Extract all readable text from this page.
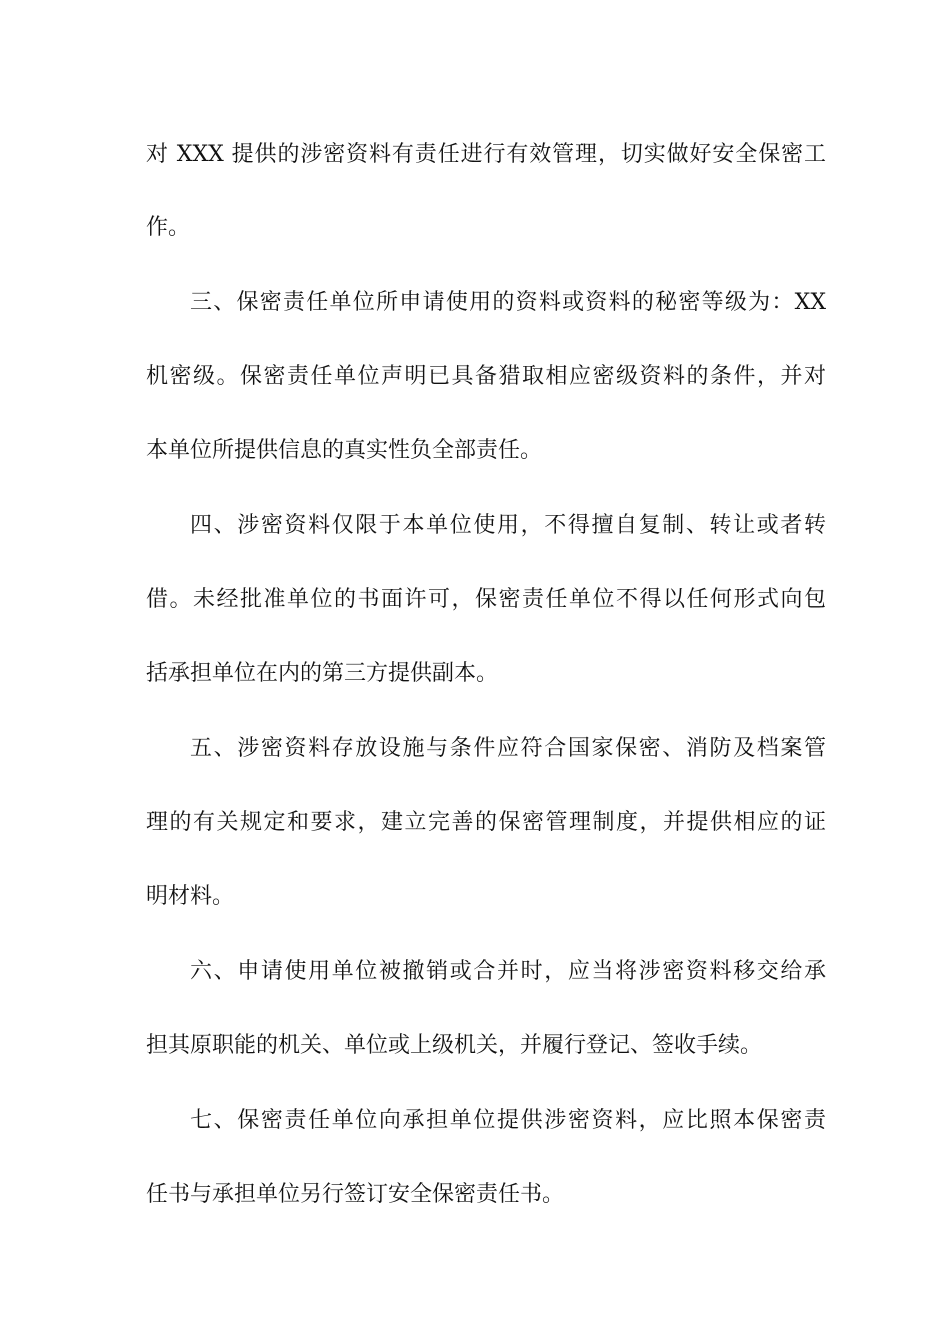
对 XXX 提供的涉密资料有责任进行有效管理，切实做好安全保密工
作。
三、保密责任单位所申请使用的资料或资料的秘密等级为：XX
机密级。保密责任单位声明已具备猎取相应密级资料的条件，并对
本单位所提供信息的真实性负全部责任。
四、涉密资料仅限于本单位使用，不得擅自复制、转让或者转
借。未经批准单位的书面许可，保密责任单位不得以任何形式向包
括承担单位在内的第三方提供副本。
五、涉密资料存放设施与条件应符合国家保密、消防及档案管
理的有关规定和要求，建立完善的保密管理制度，并提供相应的证
明材料。
六、申请使用单位被撤销或合并时，应当将涉密资料移交给承
担其原职能的机关、单位或上级机关，并履行登记、签收手续。
七、保密责任单位向承担单位提供涉密资料，应比照本保密责
任书与承担单位另行签订安全保密责任书。
